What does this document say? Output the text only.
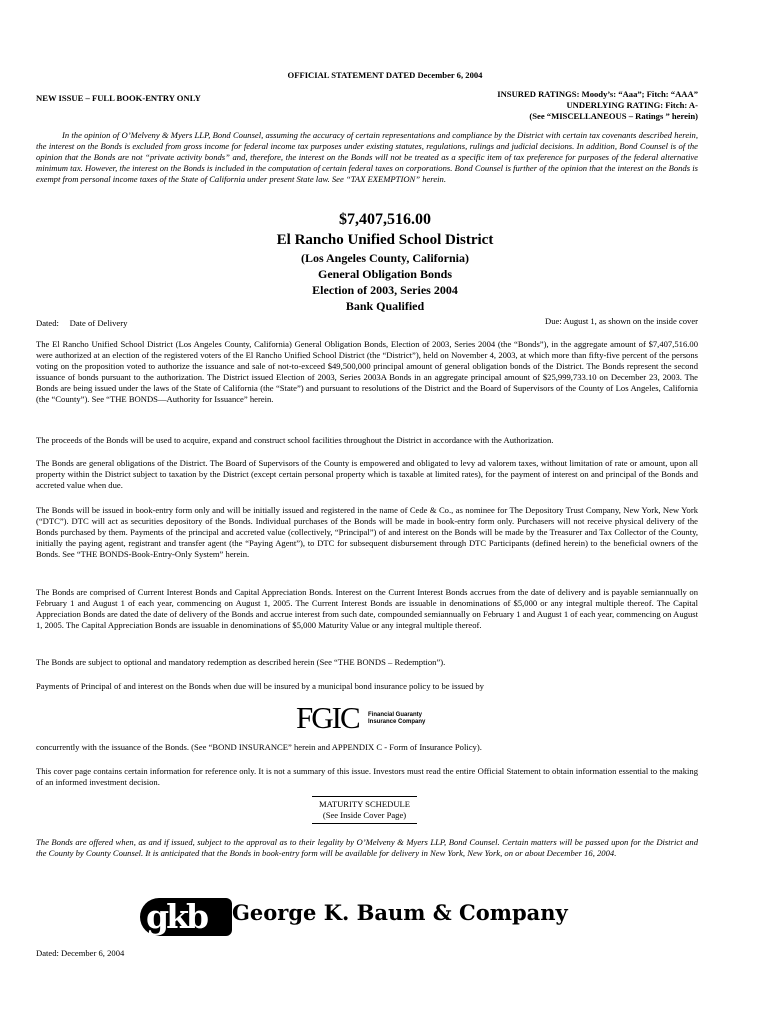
OFFICIAL STATEMENT DATED December 6, 2004
NEW ISSUE – FULL BOOK-ENTRY ONLY	INSURED RATINGS: Moody’s: “Aaa”; Fitch: “AAA”
UNDERLYING RATING: Fitch: A-
(See “MISCELLANEOUS – Ratings ” herein)
In the opinion of O’Melveny & Myers LLP, Bond Counsel, assuming the accuracy of certain representations and compliance by the District with certain tax covenants described herein, the interest on the Bonds is excluded from gross income for federal income tax purposes under existing statutes, regulations, rulings and judicial decisions. In addition, Bond Counsel is of the opinion that the Bonds are not “private activity bonds” and, therefore, the interest on the Bonds will not be treated as a specific item of tax preference for purposes of the federal alternative minimum tax. However, the interest on the Bonds is included in the computation of certain federal taxes on corporations. Bond Counsel is further of the opinion that the interest on the Bonds is exempt from personal income taxes of the State of California under present State law. See “TAX EXEMPTION” herein.
$7,407,516.00
El Rancho Unified School District
(Los Angeles County, California)
General Obligation Bonds
Election of 2003, Series 2004
Bank Qualified
Dated:     Date of Delivery	Due: August 1, as shown on the inside cover
The El Rancho Unified School District (Los Angeles County, California) General Obligation Bonds, Election of 2003, Series 2004 (the “Bonds”), in the aggregate amount of $7,407,516.00 were authorized at an election of the registered voters of the El Rancho Unified School District (the “District”), held on November 4, 2003, at which more than fifty-five percent of the persons voting on the proposition voted to authorize the issuance and sale of not-to-exceed $49,500,000 principal amount of general obligation bonds of the District. The Bonds represent the second issuance of bonds pursuant to the authorization. The District issued Election of 2003, Series 2003A Bonds in an aggregate principal amount of $25,999,733.10 on December 23, 2003. The Bonds are being issued under the laws of the State of California (the “State”) and pursuant to resolutions of the District and the Board of Supervisors of the County of Los Angeles, California (the “County”). See “THE BONDS—Authority for Issuance” herein.
The proceeds of the Bonds will be used to acquire, expand and construct school facilities throughout the District in accordance with the Authorization.
The Bonds are general obligations of the District. The Board of Supervisors of the County is empowered and obligated to levy ad valorem taxes, without limitation of rate or amount, upon all property within the District subject to taxation by the District (except certain personal property which is taxable at limited rates), for the payment of interest on and principal of the Bonds and accreted value when due.
The Bonds will be issued in book-entry form only and will be initially issued and registered in the name of Cede & Co., as nominee for The Depository Trust Company, New York, New York (“DTC”). DTC will act as securities depository of the Bonds. Individual purchases of the Bonds will be made in book-entry form only. Purchasers will not receive physical delivery of the Bonds purchased by them. Payments of the principal and accreted value (collectively, “Principal”) of and interest on the Bonds will be made by the Treasurer and Tax Collector of the County, initially the paying agent, registrant and transfer agent (the “Paying Agent”), to DTC for subsequent disbursement through DTC Participants (defined herein) to the beneficial owners of the Bonds. See “THE BONDS-Book-Entry-Only System” herein.
The Bonds are comprised of Current Interest Bonds and Capital Appreciation Bonds. Interest on the Current Interest Bonds accrues from the date of delivery and is payable semiannually on February 1 and August 1 of each year, commencing on August 1, 2005. The Current Interest Bonds are issuable in denominations of $5,000 or any integral multiple thereof. The Capital Appreciation Bonds are dated the date of delivery of the Bonds and accrue interest from such date, compounded semiannually on February 1 and August 1 of each year, commencing on August 1, 2005. The Capital Appreciation Bonds are issuable in denominations of $5,000 Maturity Value or any integral multiple thereof.
The Bonds are subject to optional and mandatory redemption as described herein (See “THE BONDS – Redemption”).
Payments of Principal of and interest on the Bonds when due will be insured by a municipal bond insurance policy to be issued by
FGIC Financial Guaranty
Insurance Company
concurrently with the issuance of the Bonds. (See “BOND INSURANCE” herein and APPENDIX C - Form of Insurance Policy).
This cover page contains certain information for reference only. It is not a summary of this issue. Investors must read the entire Official Statement to obtain information essential to the making of an informed investment decision.
MATURITY SCHEDULE
(See Inside Cover Page)
The Bonds are offered when, as and if issued, subject to the approval as to their legality by O’Melveny & Myers LLP, Bond Counsel. Certain matters will be passed upon for the District and the County by County Counsel. It is anticipated that the Bonds in book-entry form will be available for delivery in New York, New York, on or about December 16, 2004.
gkb George K. Baum & Company
Dated: December 6, 2004
